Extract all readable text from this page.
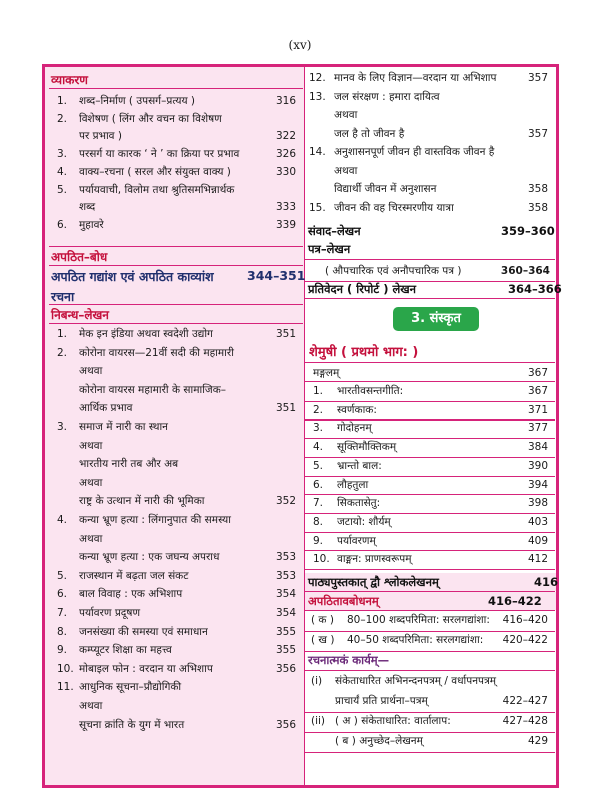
(xv)
व्याकरण
1. शब्द–निर्माण ( उपसर्ग–प्रत्यय )	316
2. विशेषण ( लिंग और वचन का विशेषण
पर प्रभाव )	322
3. परसर्ग या कारक ‘ ने ’ का क्रिया पर प्रभाव	326
4. वाक्य–रचना ( सरल और संयुक्त वाक्य )	330
5. पर्यायवाची, विलोम तथा श्रुतिसमभिन्नार्थक
शब्द	333
6. मुहावरे	339
अपठित–बोध
अपठित गद्यांश एवं अपठित काव्यांश	344–351
रचना
निबन्ध–लेखन
1. मेक इन इंडिया अथवा स्वदेशी उद्योग	351
2. कोरोना वायरस—21वीं सदी की महामारी
अथवा
कोरोना वायरस महामारी के सामाजिक–
आर्थिक प्रभाव	351
3. समाज में नारी का स्थान
अथवा
भारतीय नारी तब और अब
अथवा
राष्ट्र के उत्थान में नारी की भूमिका	352
4. कन्या भ्रूण हत्या : लिंगानुपात की समस्या
अथवा
कन्या भ्रूण हत्या : एक जघन्य अपराध	353
5. राजस्थान में बढ़ता जल संकट	353
6. बाल विवाह : एक अभिशाप	354
7. पर्यावरण प्रदूषण	354
8. जनसंख्या की समस्या एवं समाधान	355
9. कम्प्यूटर शिक्षा का महत्त्व	355
10. मोबाइल फोन : वरदान या अभिशाप	356
11. आधुनिक सूचना–प्रौद्योगिकी
अथवा
सूचना क्रांति के युग में भारत	356
12. मानव के लिए विज्ञान—वरदान या अभिशाप	357
13. जल संरक्षण : हमारा दायित्व
अथवा
जल है तो जीवन है	357
14. अनुशासनपूर्ण जीवन ही वास्तविक जीवन है
अथवा
विद्यार्थी जीवन में अनुशासन	358
15. जीवन की वह चिरस्मरणीय यात्रा	358
संवाद–लेखन	359–360
पत्र–लेखन
( औपचारिक एवं अनौपचारिक पत्र )	360–364
प्रतिवेदन ( रिपोर्ट ) लेखन	364–366
शेमुषी ( प्रथमो भाग: )
मङ्गलम्	367
1. भारतीवसन्तगीति:	367
2. स्वर्णकाक:	371
3. गोदोहनम्	377
4. सूक्तिमौक्तिकम्	384
5. भ्रान्तो बाल:	390
6. लौहतुला	394
7. सिकतासेतु:	398
8. जटायो: शौर्यम्	403
9. पर्यावरणम्	409
10. वाङ्मन: प्राणस्वरूपम्	412
पाठ्यपुस्तकात् द्वौ श्लोकलेखनम्	416
अपठितावबोधनम्	416–422
( क ) 80–100 शब्दपरिमिता: सरलगद्यांशा: 416–420
( ख ) 40–50 शब्दपरिमिता: सरलगद्यांशा: 420–422
रचनात्मकं कार्यम्—
(i) संकेताधारित अभिनन्दनपत्रम् / वर्धापनपत्रम्
प्राचार्यं प्रति प्रार्थना–पत्रम्	422–427
(ii) ( अ ) संकेताधारित: वार्तालाप:	427–428
( ब ) अनुच्छेद–लेखनम्	429
3. संस्कृत
